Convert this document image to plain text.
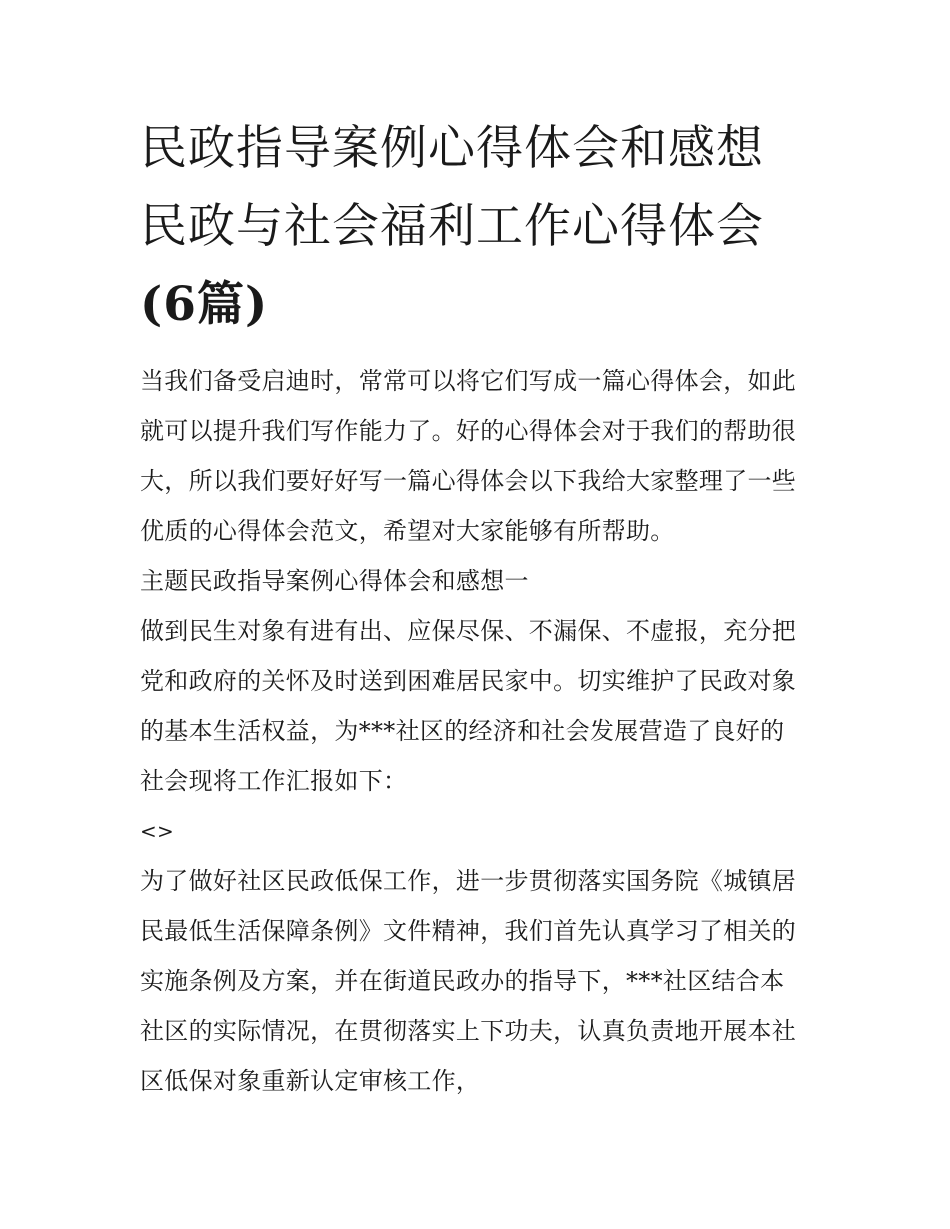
民政指导案例心得体会和感想
民政与社会福利工作心得体会
(6篇)

当我们备受启迪时，常常可以将它们写成一篇心得体会，如此
就可以提升我们写作能力了。好的心得体会对于我们的帮助很
大，所以我们要好好写一篇心得体会以下我给大家整理了一些
优质的心得体会范文，希望对大家能够有所帮助。

主题民政指导案例心得体会和感想一

做到民生对象有进有出、应保尽保、不漏保、不虚报，充分把
党和政府的关怀及时送到困难居民家中。切实维护了民政对象
的基本生活权益，为***社区的经济和社会发展营造了良好的
社会现将工作汇报如下：

<>

为了做好社区民政低保工作，进一步贯彻落实国务院《城镇居
民最低生活保障条例》文件精神，我们首先认真学习了相关的
实施条例及方案，并在街道民政办的指导下，***社区结合本
社区的实际情况，在贯彻落实上下功夫，认真负责地开展本社
区低保对象重新认定审核工作，
